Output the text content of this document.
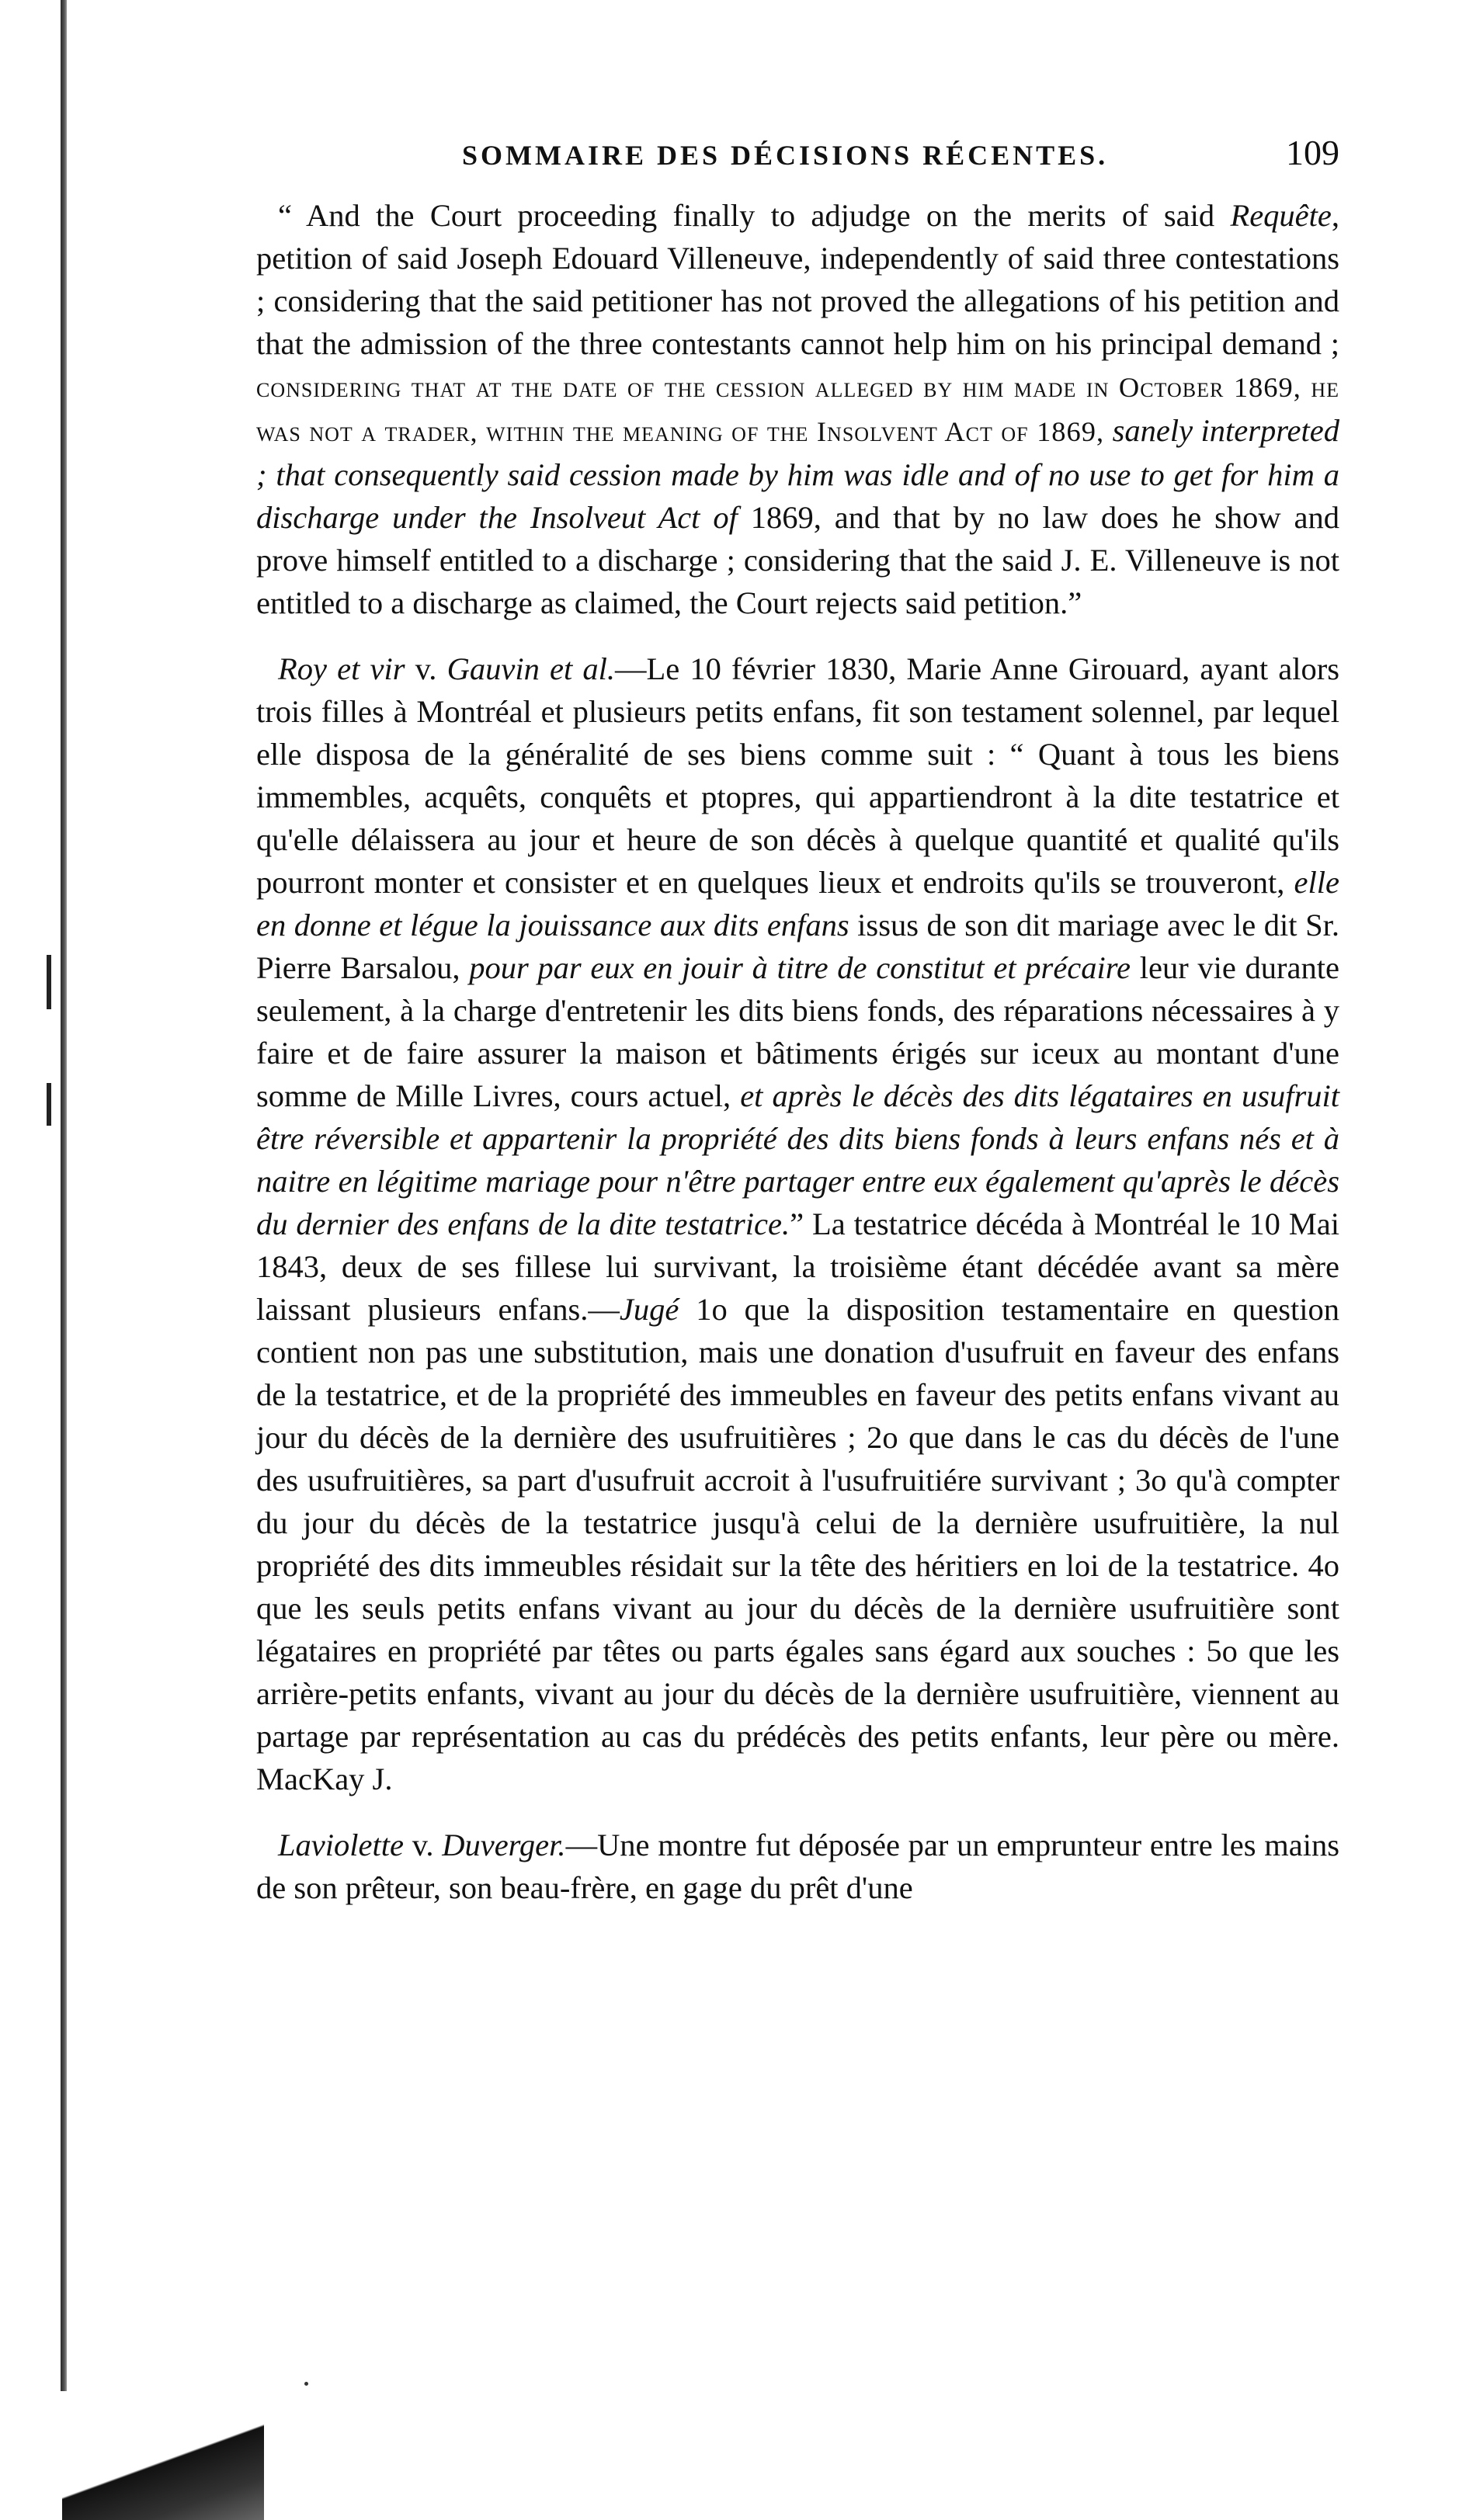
SOMMAIRE DES DÉCISIONS RÉCENTES.	109

“ And the Court proceeding finally to adjudge on the merits of said Requête, petition of said Joseph Edouard Villeneuve, independently of said three contestations ; considering that the said petitioner has not proved the allegations of his petition and that the admission of the three contestants cannot help him on his principal demand ; considering that at the date of the cession alleged by him made in October 1869, he was not a trader, within the meaning of the Insolvent Act of 1869, sanely interpreted ; that consequently said cession made by him was idle and of no use to get for him a discharge under the Insolveut Act of 1869, and that by no law does he show and prove himself entitled to a discharge ; considering that the said J. E. Villeneuve is not entitled to a discharge as claimed, the Court rejects said petition.”

Roy et vir v. Gauvin et al.—Le 10 février 1830, Marie Anne Girouard, ayant alors trois filles à Montréal et plusieurs petits enfans, fit son testament solennel, par lequel elle disposa de la généralité de ses biens comme suit : “ Quant à tous les biens immembles, acquêts, conquêts et ptopres, qui appartiendront à la dite testatrice et qu'elle délaissera au jour et heure de son décès à quelque quantité et qualité qu'ils pourront monter et consister et en quelques lieux et endroits qu'ils se trouveront, elle en donne et légue la jouissance aux dits enfans issus de son dit mariage avec le dit Sr. Pierre Barsalou, pour par eux en jouir à titre de constitut et précaire leur vie durante seulement, à la charge d'entretenir les dits biens fonds, des réparations nécessaires à y faire et de faire assurer la maison et bâtiments érigés sur iceux au montant d'une somme de Mille Livres, cours actuel, et après le décès des dits légataires en usufruit être réversible et appartenir la propriété des dits biens fonds à leurs enfans nés et à naitre en légitime mariage pour n'être partager entre eux également qu'après le décès du dernier des enfans de la dite testatrice.” La testatrice décéda à Montréal le 10 Mai 1843, deux de ses fillese lui survivant, la troisième étant décédée avant sa mère laissant plusieurs enfans.—Jugé 1o que la disposition testamentaire en question contient non pas une substitution, mais une donation d'usufruit en faveur des enfans de la testatrice, et de la propriété des immeubles en faveur des petits enfans vivant au jour du décès de la dernière des usufruitières ; 2o que dans le cas du décès de l'une des usufruitières, sa part d'usufruit accroit à l'usufruitiére survivant ; 3o qu'à compter du jour du décès de la testatrice jusqu'à celui de la dernière usufruitière, la nul propriété des dits immeubles résidait sur la tête des héritiers en loi de la testatrice. 4o que les seuls petits enfans vivant au jour du décès de la dernière usufruitière sont légataires en propriété par têtes ou parts égales sans égard aux souches : 5o que les arrière-petits enfants, vivant au jour du décès de la dernière usufruitière, viennent au partage par représentation au cas du prédécès des petits enfants, leur père ou mère. MacKay J.

Laviolette v. Duverger.—Une montre fut déposée par un emprunteur entre les mains de son prêteur, son beau-frère, en gage du prêt d'une
